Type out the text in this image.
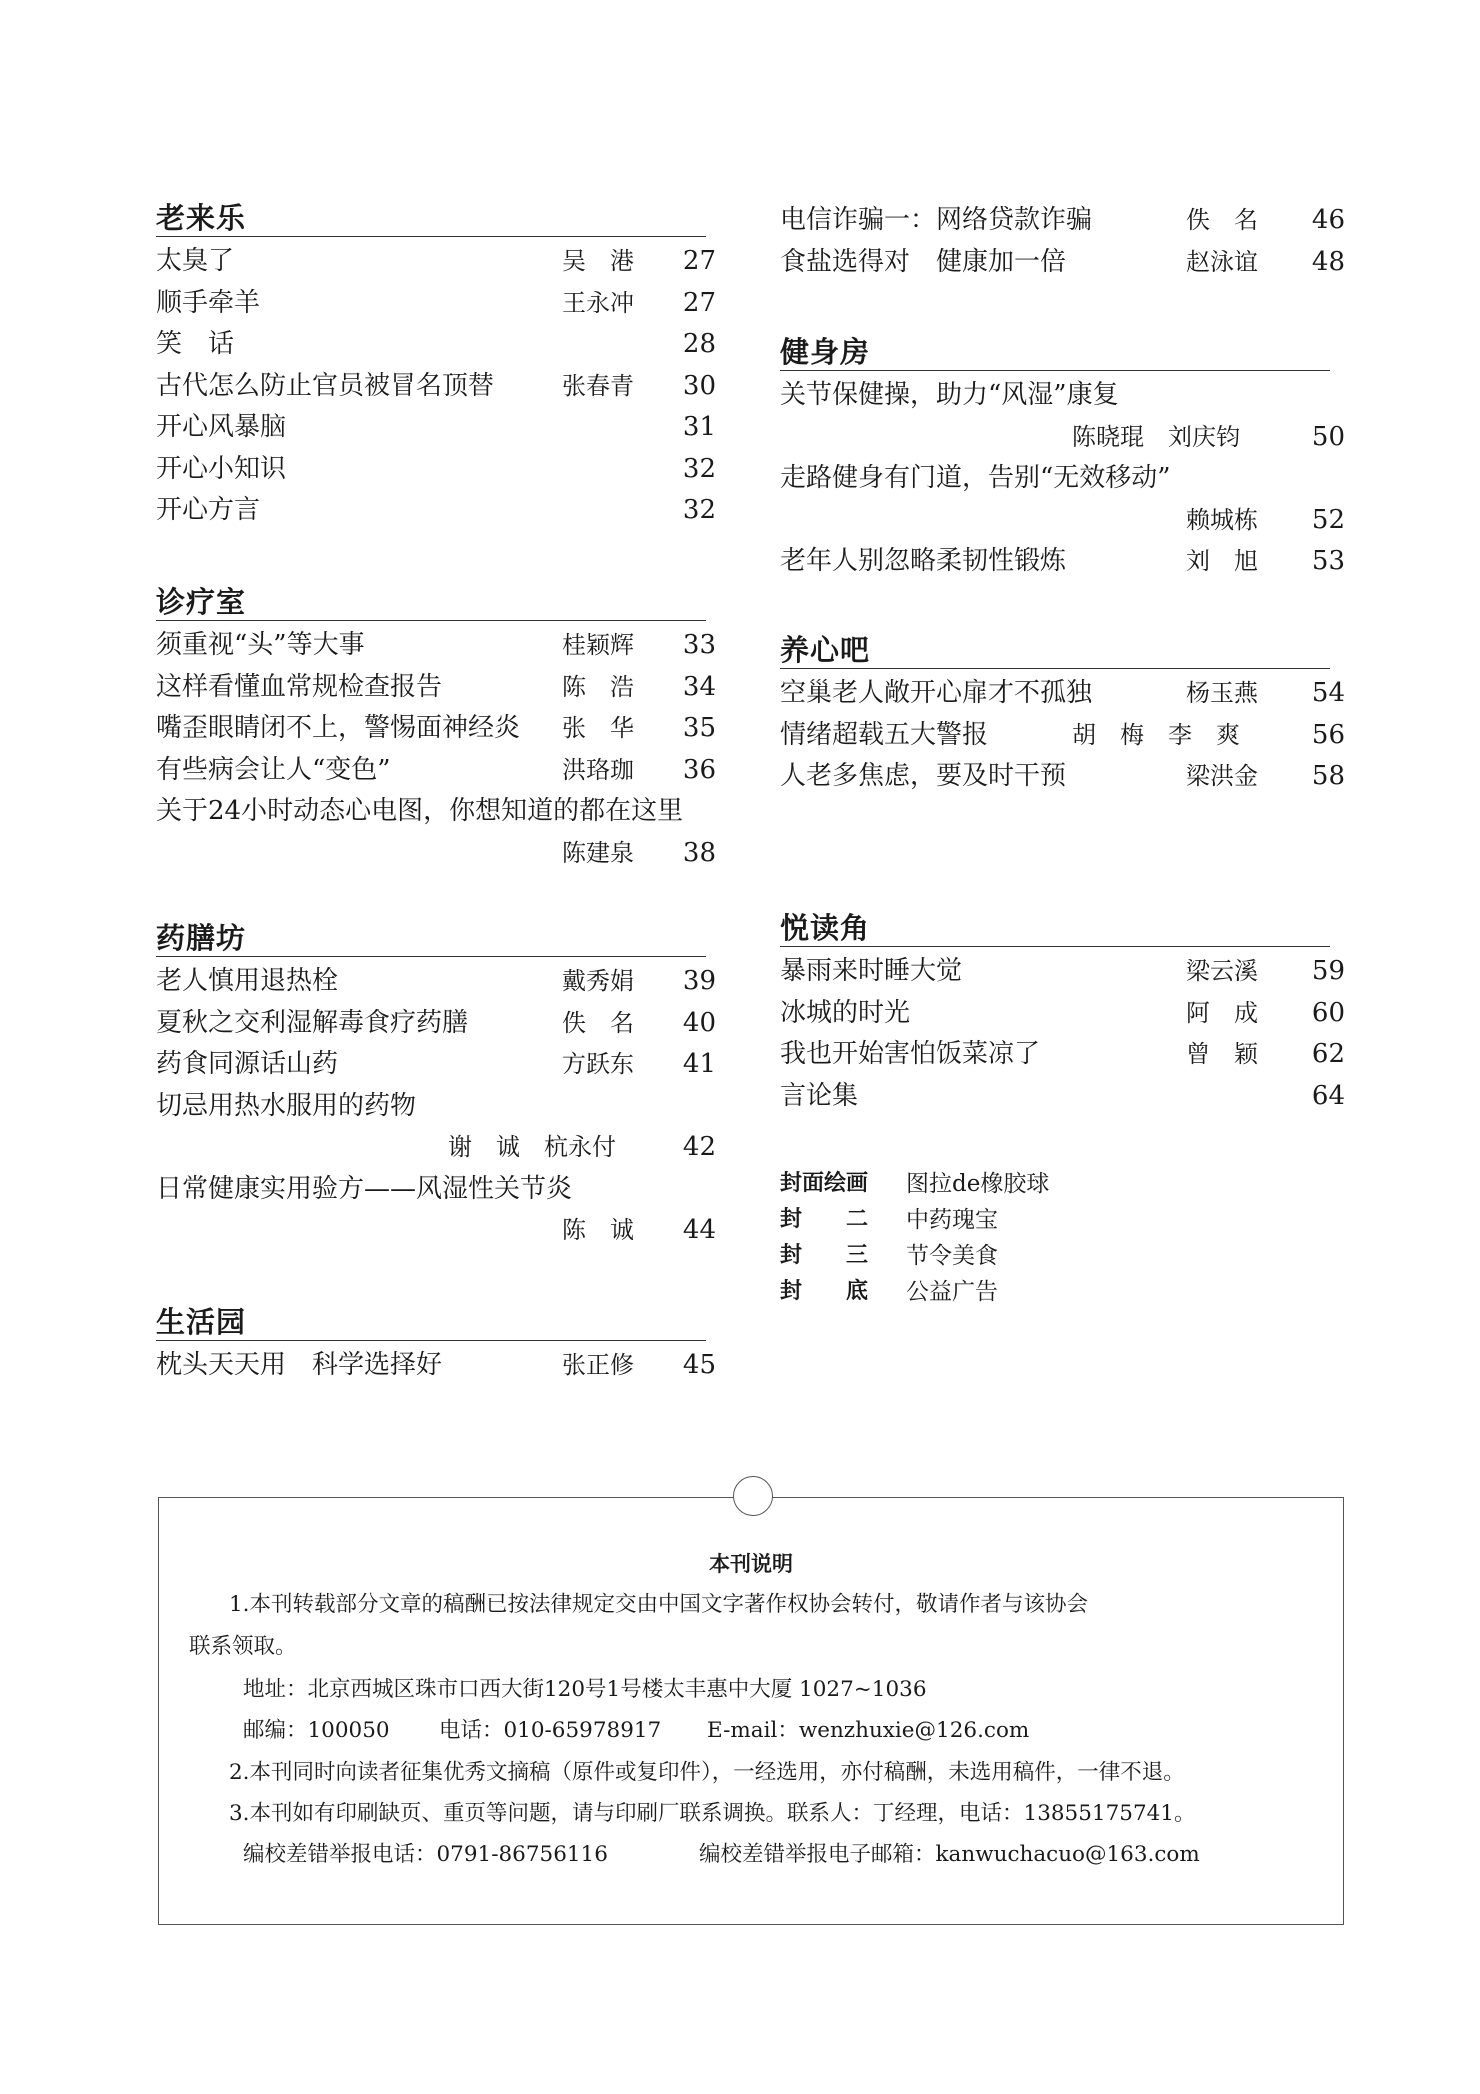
老来乐
太臭了	吴　港 27
顺手牵羊	王永冲 27
笑　话	28
古代怎么防止官员被冒名顶替	张春青 30
开心风暴脑	31
开心小知识	32
开心方言	32
诊疗室
须重视“头”等大事	桂颖辉 33
这样看懂血常规检查报告	陈　浩 34
嘴歪眼睛闭不上，警惕面神经炎 张　华 35
有些病会让人“变色”	洪珞珈 36
关于24小时动态心电图，你想知道的都在这里
陈建泉 38
药膳坊
老人慎用退热栓	戴秀娟 39
夏秋之交利湿解毒食疗药膳	佚　名 40
药食同源话山药	方跃东 41
切忌用热水服用的药物
谢　诚　杭永付	42
日常健康实用验方——风湿性关节炎
陈　诚 44
生活园
枕头天天用　科学选择好	张正修 45
电信诈骗一：网络贷款诈骗	佚　名 46
食盐选得对　健康加一倍	赵泳谊 48
健身房
关节保健操，助力“风湿”康复
陈晓琨　刘庆钧	50
走路健身有门道，告别“无效移动”
赖城栋 52
老年人别忽略柔韧性锻炼	刘　旭 53
养心吧
空巢老人敞开心扉才不孤独	杨玉燕 54
情绪超载五大警报	胡　梅　李　爽	56
人老多焦虑，要及时干预	梁洪金 58
悦读角
暴雨来时睡大觉	梁云溪 59
冰城的时光	阿　成 60
我也开始害怕饭菜凉了	曾　颖 62
言论集	64
封面绘画	图拉de橡胶球
封　　二	中药瑰宝
封　　三	节令美食
封　　底	公益广告
本刊说明
1.本刊转载部分文章的稿酬已按法律规定交由中国文字著作权协会转付，敬请作者与该协会
联系领取。
地址：北京西城区珠市口西大街120号1号楼太丰惠中大厦 1027~1036
邮编：100050 电话：010-65978917 E-mail：wenzhuxie@126.com
2.本刊同时向读者征集优秀文摘稿（原件或复印件），一经选用，亦付稿酬，未选用稿件，一律不退。
3.本刊如有印刷缺页、重页等问题，请与印刷厂联系调换。联系人：丁经理，电话：13855175741。
编校差错举报电话：0791-86756116	编校差错举报电子邮箱：kanwuchacuo@163.com
